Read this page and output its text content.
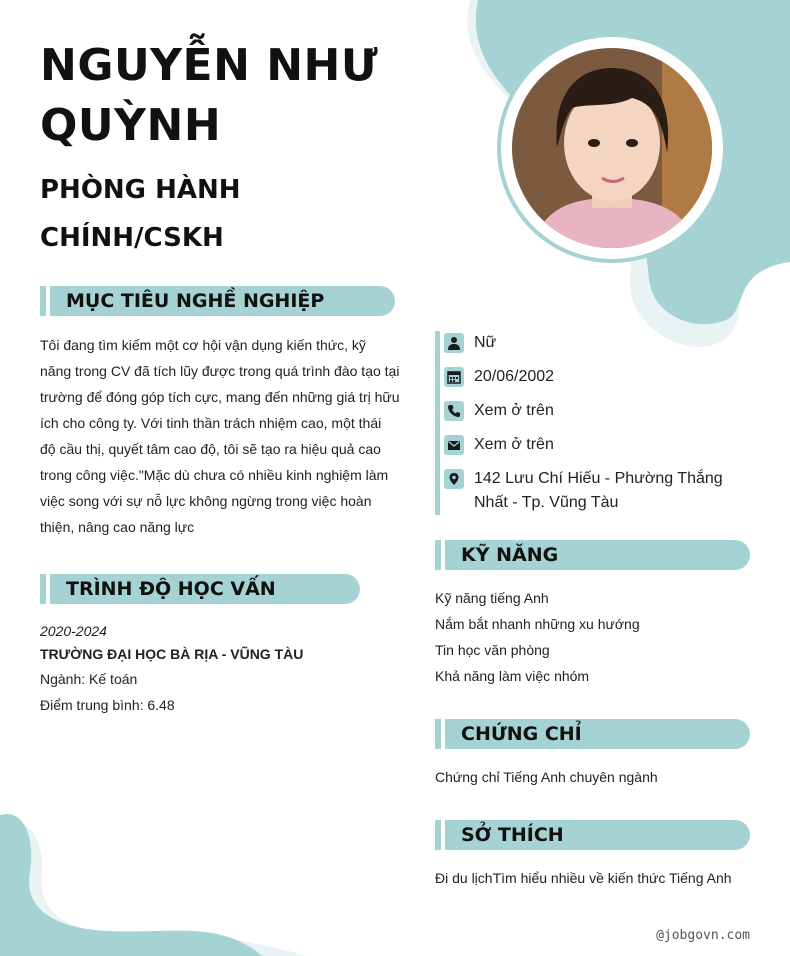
NGUYỄN NHƯ QUỲNH
PHÒNG HÀNH CHÍNH/CSKH
MỤC TIÊU NGHỀ NGHIỆP
Tôi đang tìm kiếm một cơ hội vận dụng kiến thức, kỹ năng trong CV đã tích lũy được trong quá trình đào tạo tại trường để đóng góp tích cực, mang đến những giá trị hữu ích cho công ty. Với tinh thần trách nhiệm cao, một thái độ cầu thị, quyết tâm cao độ, tôi sẽ tạo ra hiệu quả cao trong công việc."Mặc dù chưa có nhiều kinh nghiệm làm việc song với sự nỗ lực không ngừng trong việc hoàn thiện, nâng cao năng lực
TRÌNH ĐỘ HỌC VẤN
2020-2024
TRƯỜNG ĐẠI HỌC BÀ RỊA - VŨNG TÀU
Ngành: Kế toán
Điểm trung bình: 6.48
Nữ
20/06/2002
Xem ở trên
Xem ở trên
142 Lưu Chí Hiếu - Phường Thắng Nhất - Tp. Vũng Tàu
KỸ NĂNG
Kỹ năng tiếng Anh
Nắm bắt nhanh những xu hướng
Tin học văn phòng
Khả năng làm việc nhóm
CHỨNG CHỈ
Chứng chỉ Tiếng Anh chuyên ngành
SỞ THÍCH
Đi du lịchTìm hiểu nhiều về kiến thức Tiếng Anh
@jobgovn.com
